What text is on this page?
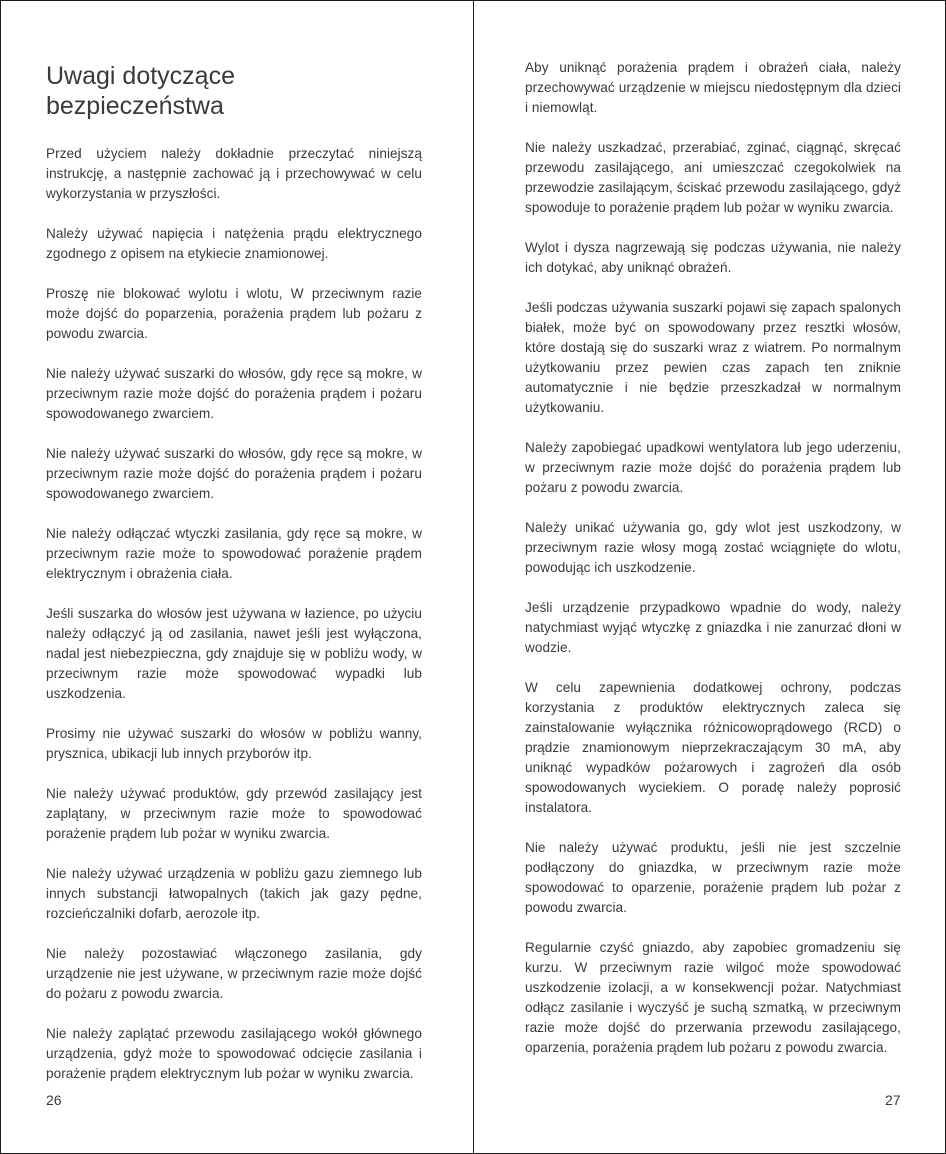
Uwagi dotyczące
bezpieczeństwa

Przed użyciem należy dokładnie przeczytać niniejszą instrukcję, a następnie zachować ją i przechowywać w celu wykorzystania w przyszłości.

Należy używać napięcia i natężenia prądu elektrycznego zgodnego z opisem na etykiecie znamionowej.

Proszę nie blokować wylotu i wlotu, W przeciwnym razie może dojść do poparzenia, porażenia prądem lub pożaru z powodu zwarcia.

Nie należy używać suszarki do włosów, gdy ręce są mokre, w przeciwnym razie może dojść do porażenia prądem i pożaru spowodowanego zwarciem.

Nie należy używać suszarki do włosów, gdy ręce są mokre, w przeciwnym razie może dojść do porażenia prądem i pożaru spowodowanego zwarciem.

Nie należy odłączać wtyczki zasilania, gdy ręce są mokre, w przeciwnym razie może to spowodować porażenie prądem elektrycznym i obrażenia ciała.

Jeśli suszarka do włosów jest używana w łazience, po użyciu należy odłączyć ją od zasilania, nawet jeśli jest wyłączona, nadal jest niebezpieczna, gdy znajduje się w pobliżu wody, w przeciwnym razie może spowodować wypadki lub uszkodzenia.

Prosimy nie używać suszarki do włosów w pobliżu wanny, prysznica, ubikacji lub innych przyborów itp.

Nie należy używać produktów, gdy przewód zasilający jest zaplątany, w przeciwnym razie może to spowodować porażenie prądem lub pożar w wyniku zwarcia.

Nie należy używać urządzenia w pobliżu gazu ziemnego lub innych substancji łatwopalnych (takich jak gazy pędne, rozcieńczalniki dofarb, aerozole itp.

Nie należy pozostawiać włączonego zasilania, gdy urządzenie nie jest używane, w przeciwnym razie może dojść do pożaru z powodu zwarcia.

Nie należy zaplątać przewodu zasilającego wokół głównego urządzenia, gdyż może to spowodować odcięcie zasilania i porażenie prądem elektrycznym lub pożar w wyniku zwarcia.

26

Aby uniknąć porażenia prądem i obrażeń ciała, należy przechowywać urządzenie w miejscu niedostępnym dla dzieci i niemowląt.

Nie należy uszkadzać, przerabiać, zginać, ciągnąć, skręcać przewodu zasilającego, ani umieszczać czegokolwiek na przewodzie zasilającym, ściskać przewodu zasilającego, gdyż spowoduje to porażenie prądem lub pożar w wyniku zwarcia.

Wylot i dysza nagrzewają się podczas używania, nie należy ich dotykać, aby uniknąć obrażeń.

Jeśli podczas używania suszarki pojawi się zapach spalonych białek, może być on spowodowany przez resztki włosów, które dostają się do suszarki wraz z wiatrem. Po normalnym użytkowaniu przez pewien czas zapach ten zniknie automatycznie i nie będzie przeszkadzał w normalnym użytkowaniu.

Należy zapobiegać upadkowi wentylatora lub jego uderzeniu, w przeciwnym razie może dojść do porażenia prądem lub pożaru z powodu zwarcia.

Należy unikać używania go, gdy wlot jest uszkodzony, w przeciwnym razie włosy mogą zostać wciągnięte do wlotu, powodując ich uszkodzenie.

Jeśli urządzenie przypadkowo wpadnie do wody, należy natychmiast wyjąć wtyczkę z gniazdka i nie zanurzać dłoni w wodzie.

W celu zapewnienia dodatkowej ochrony, podczas korzystania z produktów elektrycznych zaleca się zainstalowanie wyłącznika różnicowoprądowego (RCD) o prądzie znamionowym nieprzekraczającym 30 mA, aby uniknąć wypadków pożarowych i zagrożeń dla osób spowodowanych wyciekiem. O poradę należy poprosić instalatora.

Nie należy używać produktu, jeśli nie jest szczelnie podłączony do gniazdka, w przeciwnym razie może spowodować to oparzenie, porażenie prądem lub pożar z powodu zwarcia.

Regularnie czyść gniazdo, aby zapobiec gromadzeniu się kurzu. W przeciwnym razie wilgoć może spowodować uszkodzenie izolacji, a w konsekwencji pożar. Natychmiast odłącz zasilanie i wyczyść je suchą szmatką, w przeciwnym razie może dojść do przerwania przewodu zasilającego, oparzenia, porażenia prądem lub pożaru z powodu zwarcia.

27
